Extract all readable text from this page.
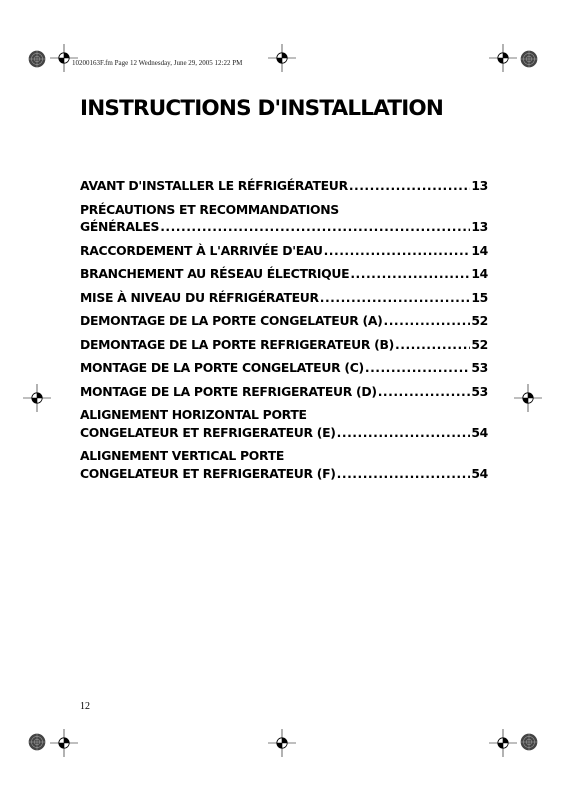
10200163F.fm Page 12 Wednesday, June 29, 2005 12:22 PM
INSTRUCTIONS D'INSTALLATION
AVANT D'INSTALLER LE RÉFRIGÉRATEUR .....	13
PRÉCAUTIONS ET RECOMMANDATIONS
GÉNÉRALES .....	13
RACCORDEMENT À L'ARRIVÉE D'EAU .....	14
BRANCHEMENT AU RÉSEAU ÉLECTRIQUE .....	14
MISE À NIVEAU DU RÉFRIGÉRATEUR .....	15
DEMONTAGE DE LA PORTE CONGELATEUR (A) .....	52
DEMONTAGE DE LA PORTE REFRIGERATEUR (B) .....	52
MONTAGE DE LA PORTE CONGELATEUR (C) .....	53
MONTAGE DE LA PORTE REFRIGERATEUR (D) .....	53
ALIGNEMENT HORIZONTAL PORTE
CONGELATEUR ET REFRIGERATEUR (E) .....	54
ALIGNEMENT VERTICAL PORTE
CONGELATEUR ET REFRIGERATEUR (F) .....	54
12
